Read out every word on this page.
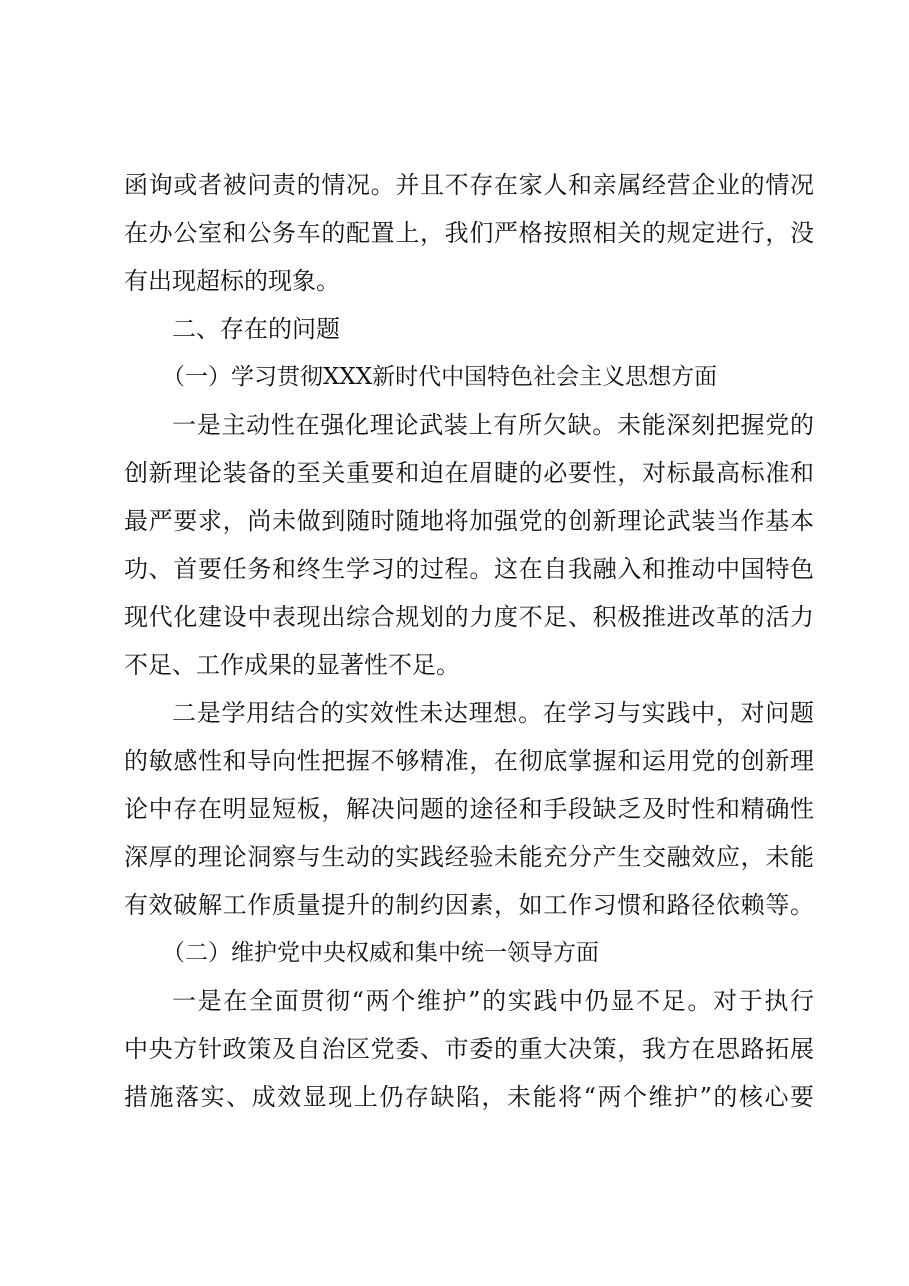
函询或者被问责的情况。并且不存在家人和亲属经营企业的情况
在办公室和公务车的配置上，我们严格按照相关的规定进行，没
有出现超标的现象。
二、存在的问题
（一）学习贯彻XXX新时代中国特色社会主义思想方面
一是主动性在强化理论武装上有所欠缺。未能深刻把握党的
创新理论装备的至关重要和迫在眉睫的必要性，对标最高标准和
最严要求，尚未做到随时随地将加强党的创新理论武装当作基本
功、首要任务和终生学习的过程。这在自我融入和推动中国特色
现代化建设中表现出综合规划的力度不足、积极推进改革的活力
不足、工作成果的显著性不足。
二是学用结合的实效性未达理想。在学习与实践中，对问题
的敏感性和导向性把握不够精准，在彻底掌握和运用党的创新理
论中存在明显短板，解决问题的途径和手段缺乏及时性和精确性
深厚的理论洞察与生动的实践经验未能充分产生交融效应，未能
有效破解工作质量提升的制约因素，如工作习惯和路径依赖等。
（二）维护党中央权威和集中统一领导方面
一是在全面贯彻“两个维护”的实践中仍显不足。对于执行
中央方针政策及自治区党委、市委的重大决策，我方在思路拓展
措施落实、成效显现上仍存缺陷，未能将“两个维护”的核心要
